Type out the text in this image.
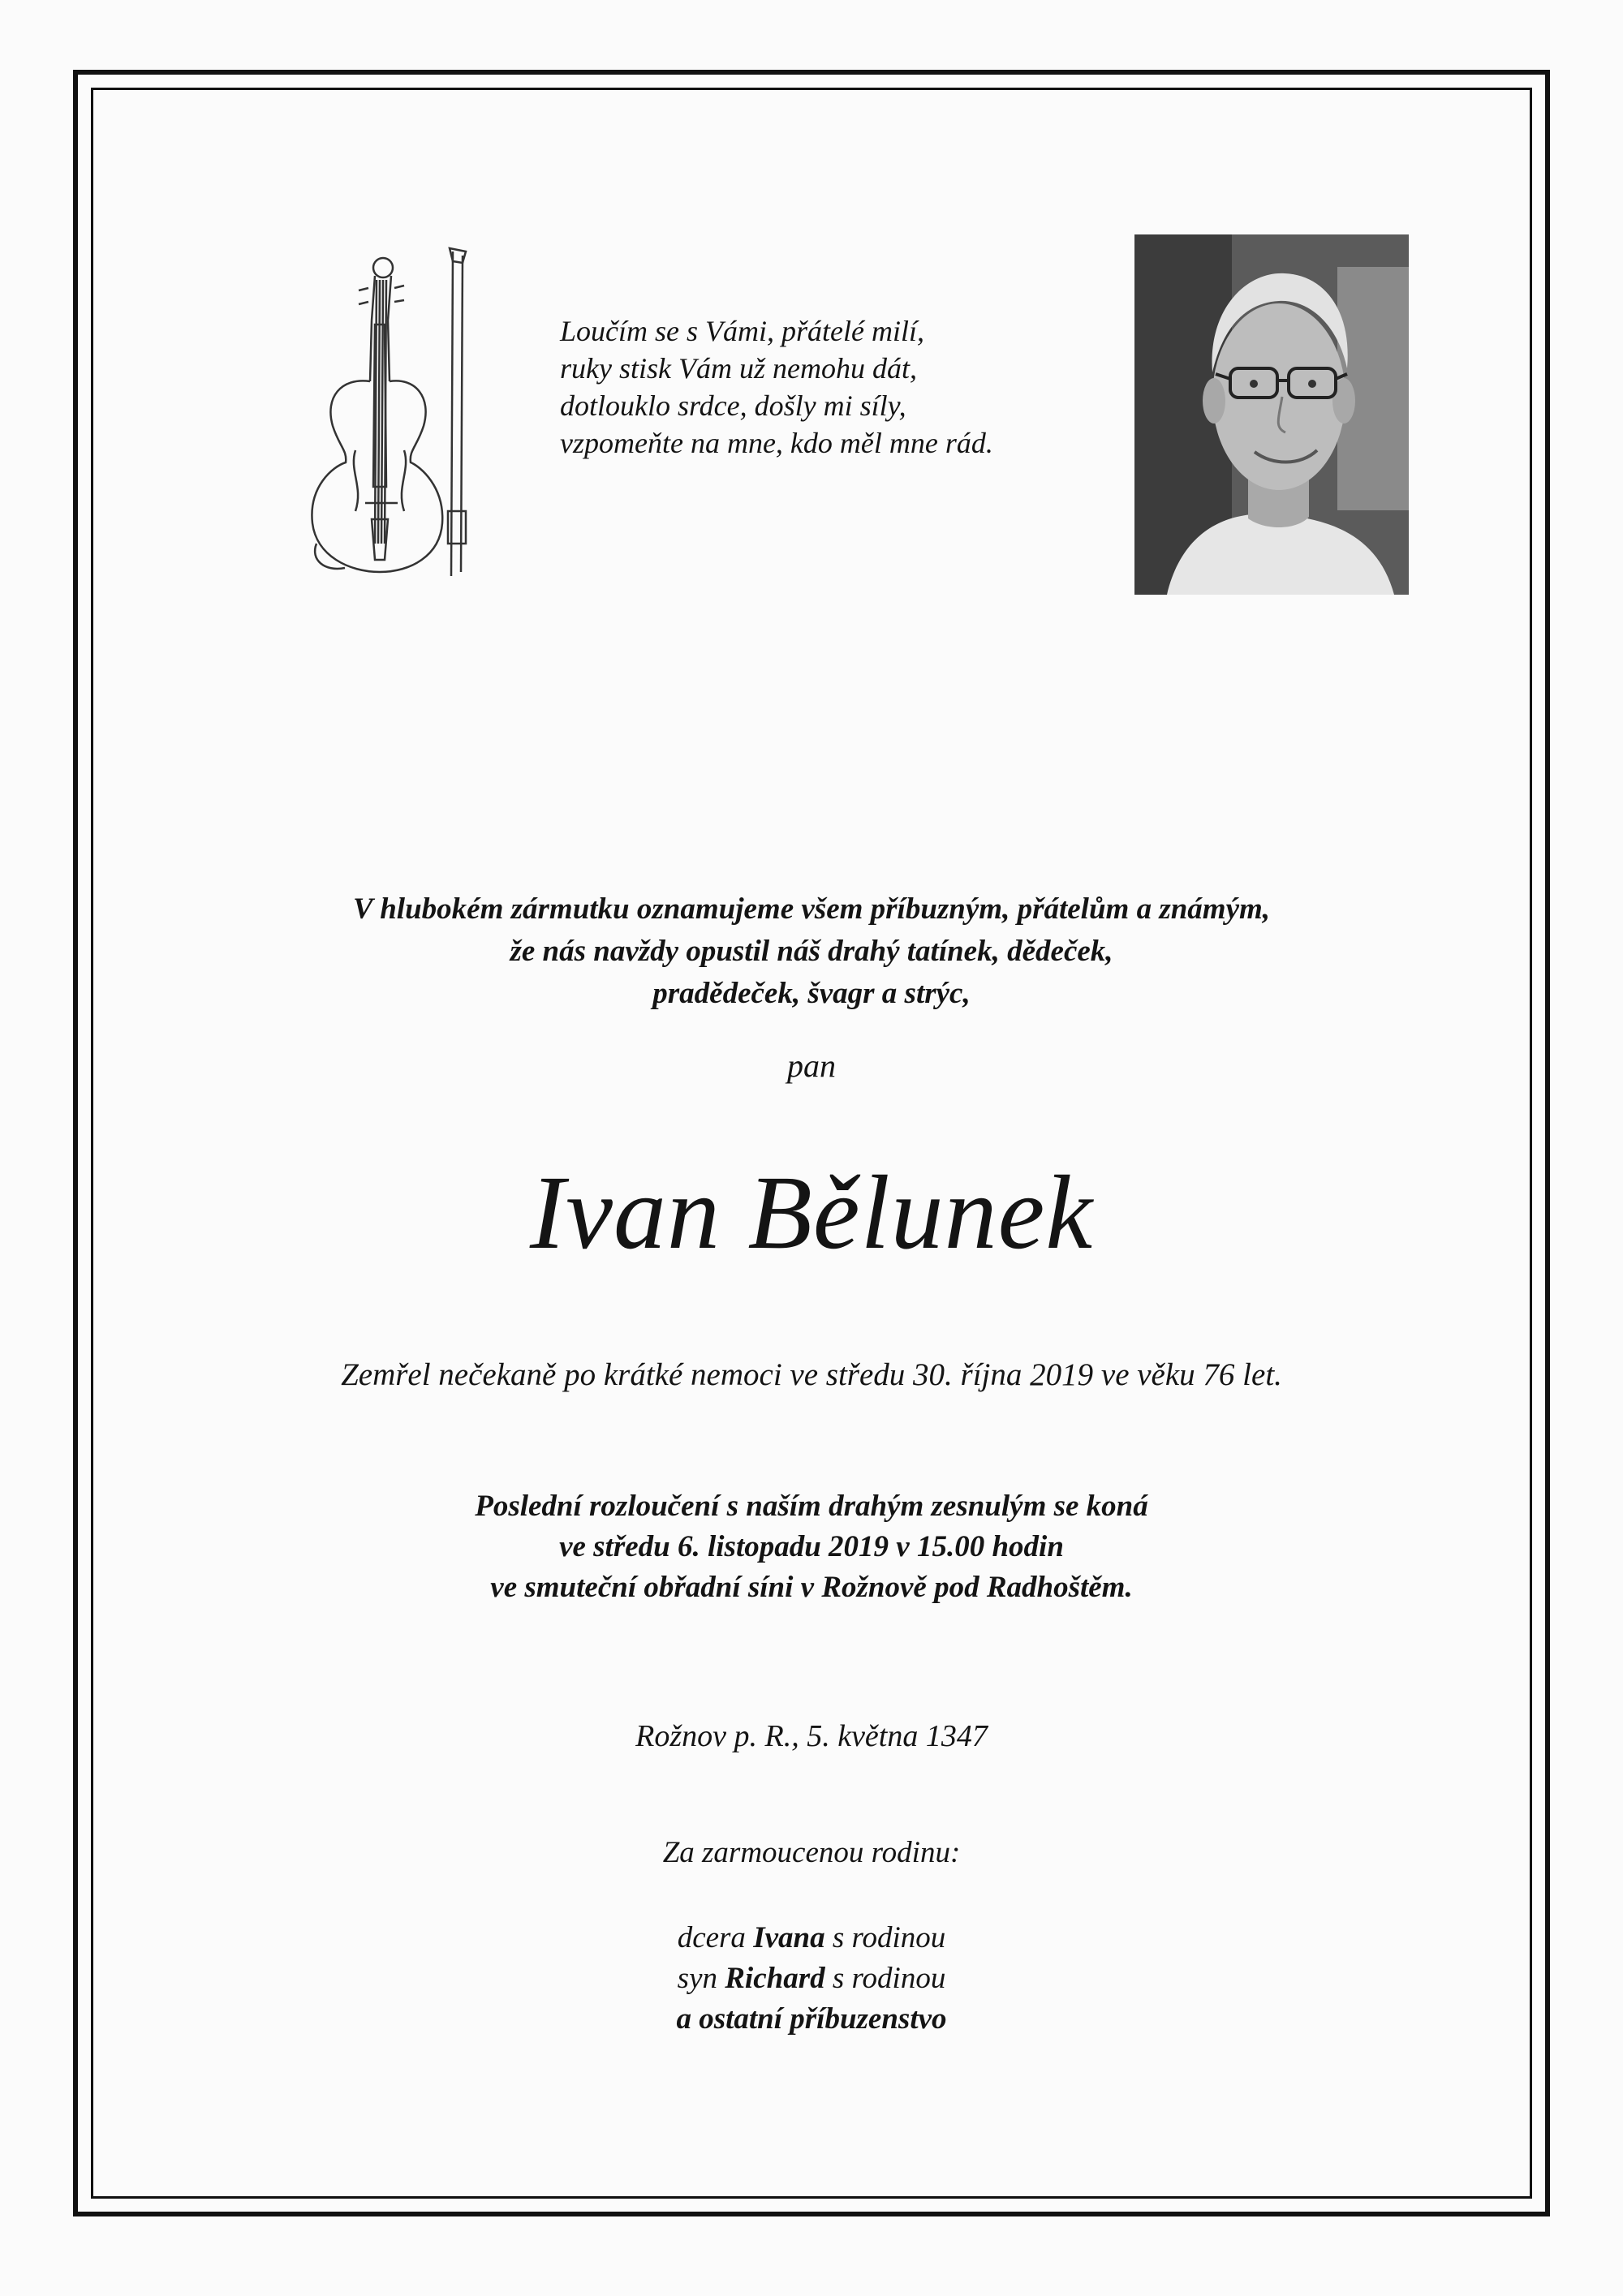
Loučím se s Vámi, přátelé milí,
ruky stisk Vám už nemohu dát,
dotlouklo srdce, došly mi síly,
vzpomeňte na mne, kdo měl mne rád.
V hlubokém zármutku oznamujeme všem příbuzným, přátelům a známým,
že nás navždy opustil náš drahý tatínek, dědeček,
pradědeček, švagr a strýc,
pan
Ivan Bělunek
Zemřel nečekaně po krátké nemoci ve středu 30. října 2019 ve věku 76 let.
Poslední rozloučení s naším drahým zesnulým se koná
ve středu 6. listopadu 2019 v 15.00 hodin
ve smuteční obřadní síni v Rožnově pod Radhoštěm.
Rožnov p. R., 5. května 1347
Za zarmoucenou rodinu:
dcera Ivana s rodinou
syn Richard s rodinou
a ostatní příbuzenstvo
